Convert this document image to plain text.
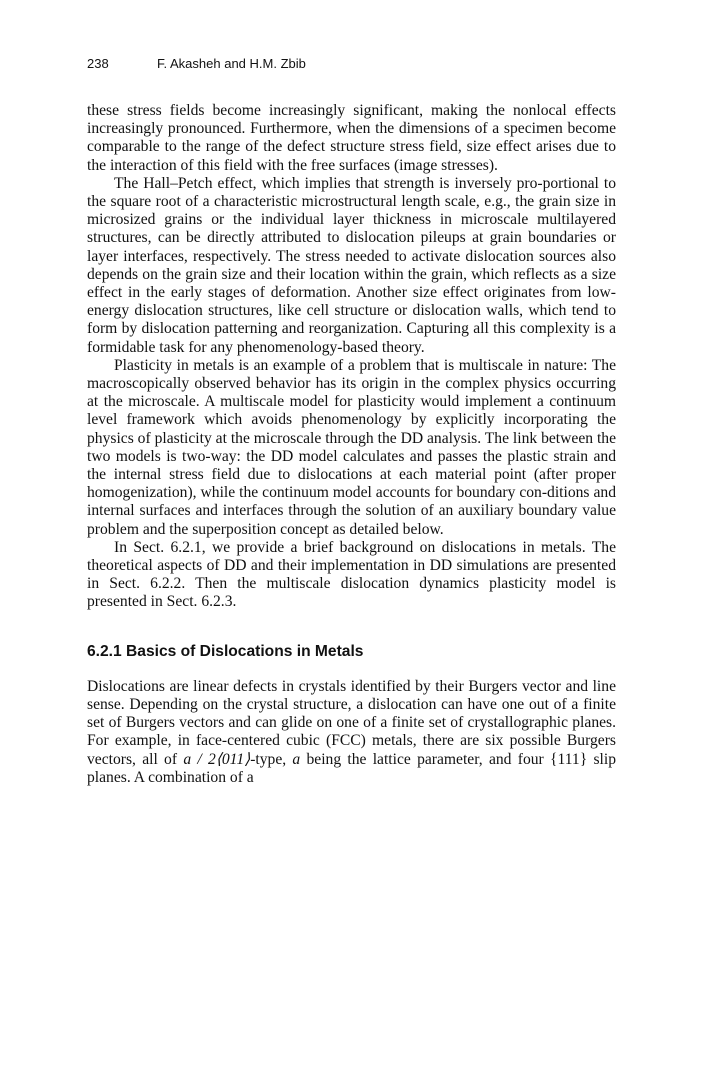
238	F. Akasheh and H.M. Zbib

these stress fields become increasingly significant, making the nonlocal effects increasingly pronounced. Furthermore, when the dimensions of a specimen become comparable to the range of the defect structure stress field, size effect arises due to the interaction of this field with the free surfaces (image stresses).

The Hall–Petch effect, which implies that strength is inversely pro-portional to the square root of a characteristic microstructural length scale, e.g., the grain size in microsized grains or the individual layer thickness in microscale multilayered structures, can be directly attributed to dislocation pileups at grain boundaries or layer interfaces, respectively. The stress needed to activate dislocation sources also depends on the grain size and their location within the grain, which reflects as a size effect in the early stages of deformation. Another size effect originates from low-energy dislocation structures, like cell structure or dislocation walls, which tend to form by dislocation patterning and reorganization. Capturing all this complexity is a formidable task for any phenomenology-based theory.

Plasticity in metals is an example of a problem that is multiscale in nature: The macroscopically observed behavior has its origin in the complex physics occurring at the microscale. A multiscale model for plasticity would implement a continuum level framework which avoids phenomenology by explicitly incorporating the physics of plasticity at the microscale through the DD analysis. The link between the two models is two-way: the DD model calculates and passes the plastic strain and the internal stress field due to dislocations at each material point (after proper homogenization), while the continuum model accounts for boundary con-ditions and internal surfaces and interfaces through the solution of an auxiliary boundary value problem and the superposition concept as detailed below.

In Sect. 6.2.1, we provide a brief background on dislocations in metals. The theoretical aspects of DD and their implementation in DD simulations are presented in Sect. 6.2.2. Then the multiscale dislocation dynamics plasticity model is presented in Sect. 6.2.3.

6.2.1 Basics of Dislocations in Metals

Dislocations are linear defects in crystals identified by their Burgers vector and line sense. Depending on the crystal structure, a dislocation can have one out of a finite set of Burgers vectors and can glide on one of a finite set of crystallographic planes. For example, in face-centered cubic (FCC) metals, there are six possible Burgers vectors, all of a / 2⟨011⟩-type, a being the lattice parameter, and four {111} slip planes. A combination of a
